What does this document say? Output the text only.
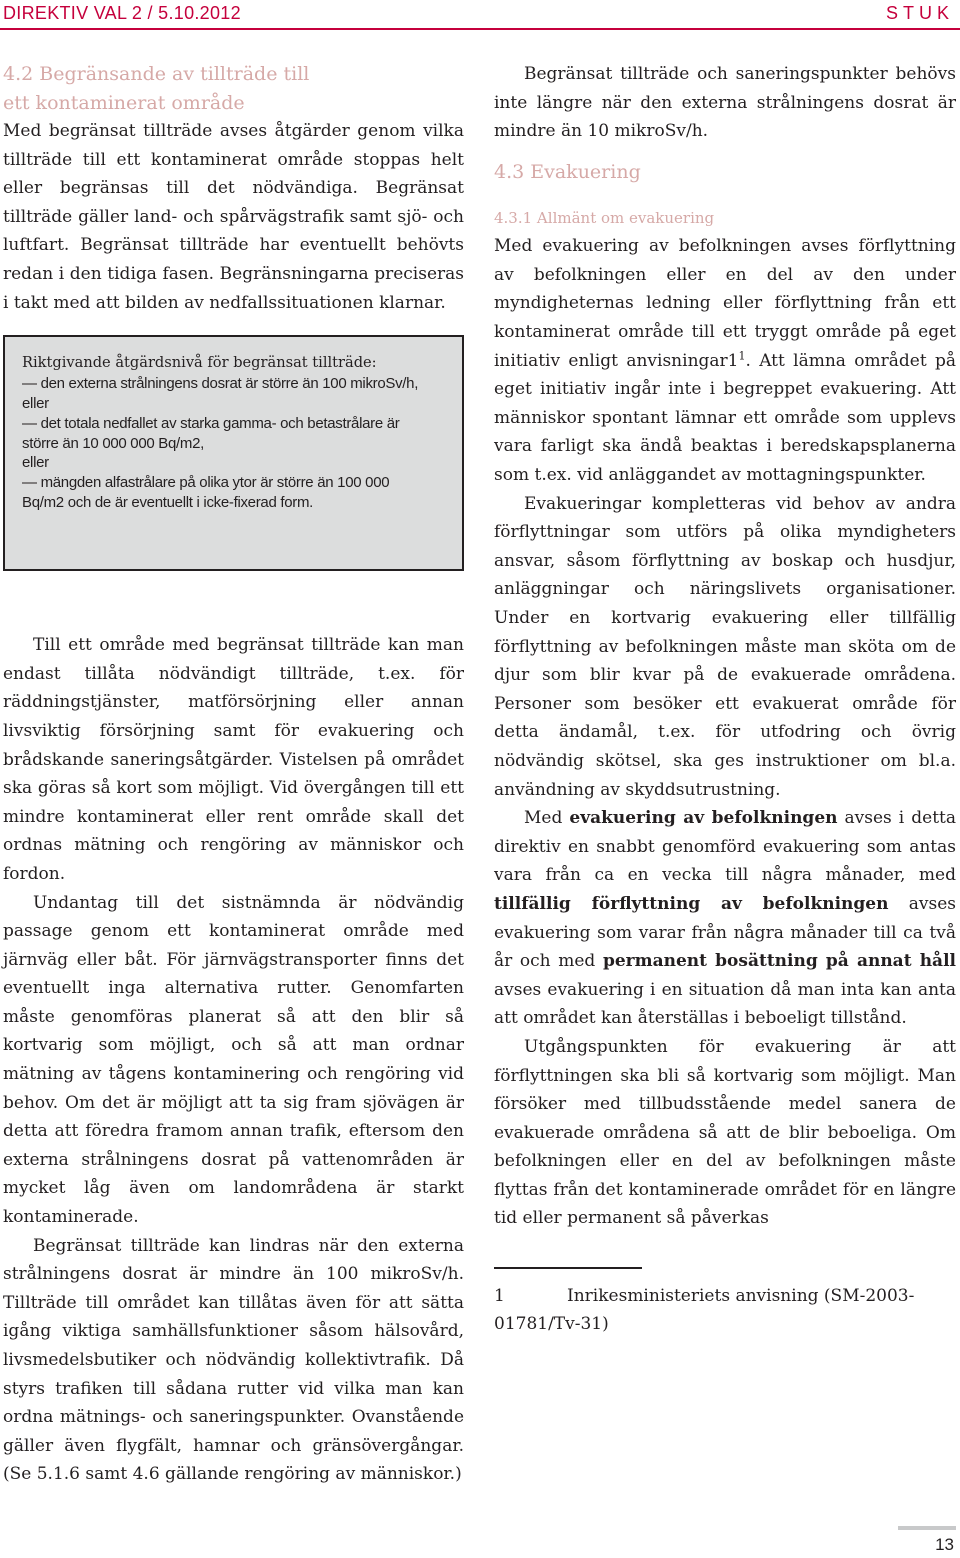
DIREKTIV VAL 2 / 5.10.2012	STUK
4.2 Begränsande av tillträde till
ett kontaminerat område

Med begränsat tillträde avses åtgärder genom vilka tillträde till ett kontaminerat område stoppas helt eller begränsas till det nödvändiga. Begränsat tillträde gäller land- och spårvägstrafik samt sjö- och luftfart. Begränsat tillträde har eventuellt behövts redan i den tidiga fasen. Begränsningarna preciseras i takt med att bilden av nedfallssituationen klarnar.

Riktgivande åtgärdsnivå för begränsat tillträde:
— den externa strålningens dosrat är större än 100 mikroSv/h,
eller
— det totala nedfallet av starka gamma- och betastrålare är
större än 10 000 000 Bq/m2,
eller
— mängden alfastrålare på olika ytor är större än 100 000
Bq/m2 och de är eventuellt i icke-fixerad form.

Till ett område med begränsat tillträde kan man endast tillåta nödvändigt tillträde, t.ex. för räddningstjänster, matförsörjning eller annan livsviktig försörjning samt för evakuering och brådskande saneringsåtgärder. Vistelsen på området ska göras så kort som möjligt. Vid övergången till ett mindre kontaminerat eller rent område skall det ordnas mätning och rengöring av människor och fordon.

Undantag till det sistnämnda är nödvändig passage genom ett kontaminerat område med järnväg eller båt. För järnvägstransporter finns det eventuellt inga alternativa rutter. Genomfarten måste genomföras planerat så att den blir så kortvarig som möjligt, och så att man ordnar mätning av tågens kontaminering och rengöring vid behov. Om det är möjligt att ta sig fram sjövägen är detta att föredra framom annan trafik, eftersom den externa strålningens dosrat på vattenområden är mycket låg även om landområdena är starkt kontaminerade.

Begränsat tillträde kan lindras när den externa strålningens dosrat är mindre än 100 mikroSv/h. Tillträde till området kan tillåtas även för att sätta igång viktiga samhällsfunktioner såsom hälsovård, livsmedelsbutiker och nödvändig kollektivtrafik. Då styrs trafiken till sådana rutter vid vilka man kan ordna mätnings- och saneringspunkter. Ovanstående gäller även flygfält, hamnar och gränsövergångar. (Se 5.1.6 samt 4.6 gällande rengöring av människor.)

Begränsat tillträde och saneringspunkter behövs inte längre när den externa strålningens dosrat är mindre än 10 mikroSv/h.

4.3 Evakuering
4.3.1 Allmänt om evakuering

Med evakuering av befolkningen avses förflyttning av befolkningen eller en del av den under myndigheternas ledning eller förflyttning från ett kontaminerat område till ett tryggt område på eget initiativ enligt $anvisningar1^1$. Att lämna området på eget initiativ ingår inte i begreppet evakuering. Att människor spontant lämnar ett område som upplevs vara farligt ska ändå beaktas i beredskapsplanerna som t.ex. vid anläggandet av mottagningspunkter.

Evakueringar kompletteras vid behov av andra förflyttningar som utförs på olika myndigheters ansvar, såsom förflyttning av boskap och husdjur, anläggningar och näringslivets organisationer. Under en kortvarig evakuering eller tillfällig förflyttning av befolkningen måste man sköta om de djur som blir kvar på de evakuerade områdena. Personer som besöker ett evakuerat område för detta ändamål, t.ex. för utfodring och övrig nödvändig skötsel, ska ges instruktioner om bl.a. användning av skyddsutrustning.

Med evakuering av befolkningen avses i detta direktiv en snabbt genomförd evakuering som antas vara från ca en vecka till några månader, med tillfällig förflyttning av befolkningen avses evakuering som varar från några månader till ca två år och med permanent bosättning på annat håll avses evakuering i en situation då man inta kan anta att området kan återställas i beboeligt tillstånd.

Utgångspunkten för evakuering är att förflyttningen ska bli så kortvarig som möjligt. Man försöker med tillbudsstående medel sanera de evakuerade områdena så att de blir beboeliga. Om befolkningen eller en del av befolkningen måste flyttas från det kontaminerade området för en längre tid eller permanent så påverkas

1	Inrikesministeriets anvisning (SM-2003-01781/Tv-31)
13
